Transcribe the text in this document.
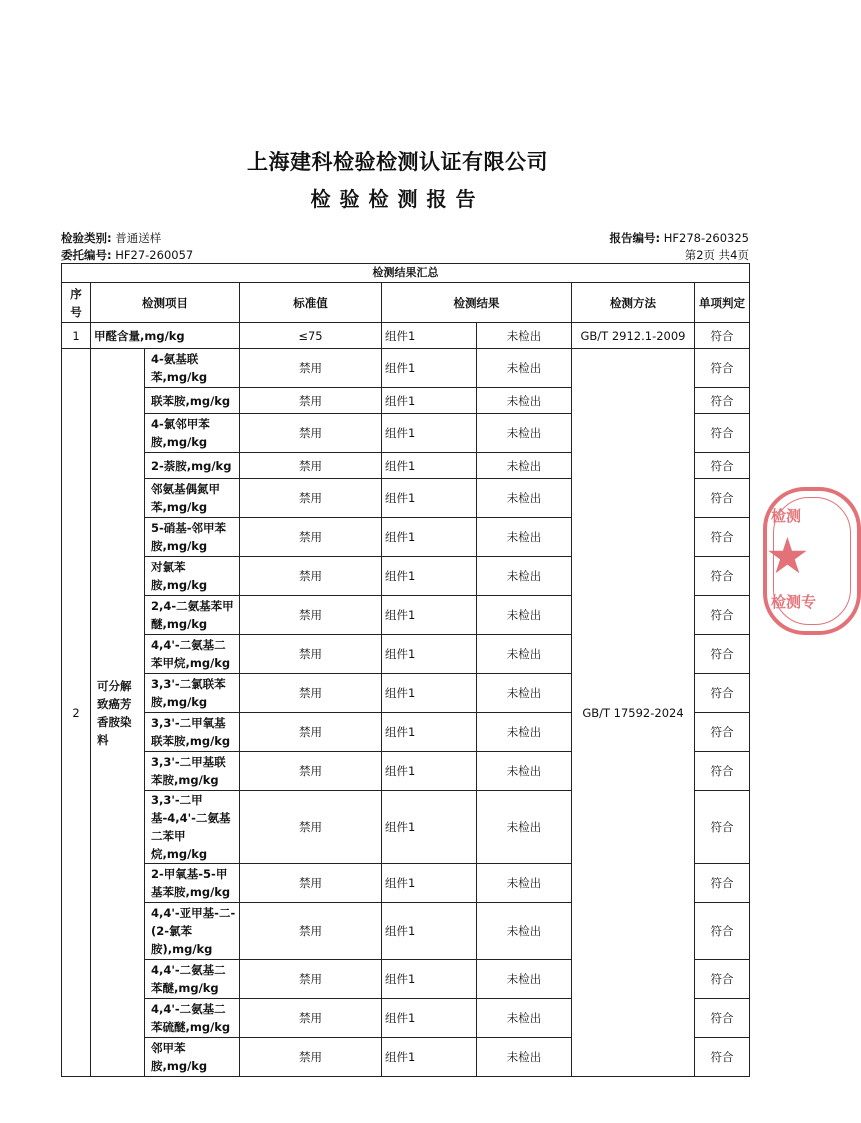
上海建科检验检测认证有限公司
检验检测报告
检验类别: 普通送样	报告编号: HF278-260325
委托编号: HF27-260057	第2页 共4页
检测结果汇总							
序号	检测项目		标准值	检测结果		检测方法	单项判定
1	甲醛含量,mg/kg		≤75	组件1	未检出	GB/T 2912.1-2009	符合
2	可分解致癌芳香胺染料	4-氨基联苯,mg/kg	禁用	组件1	未检出	GB/T 17592-2024	符合
		联苯胺,mg/kg	禁用	组件1	未检出		符合
		4-氯邻甲苯胺,mg/kg	禁用	组件1	未检出		符合
		2-萘胺,mg/kg	禁用	组件1	未检出		符合
		邻氨基偶氮甲苯,mg/kg	禁用	组件1	未检出		符合
		5-硝基-邻甲苯胺,mg/kg	禁用	组件1	未检出		符合
		对氯苯胺,mg/kg	禁用	组件1	未检出		符合
		2,4-二氨基苯甲醚,mg/kg	禁用	组件1	未检出		符合
		4,4'-二氨基二苯甲烷,mg/kg	禁用	组件1	未检出		符合
		3,3'-二氯联苯胺,mg/kg	禁用	组件1	未检出		符合
		3,3'-二甲氧基联苯胺,mg/kg	禁用	组件1	未检出		符合
		3,3'-二甲基联苯胺,mg/kg	禁用	组件1	未检出		符合
		3,3'-二甲基-4,4'-二氨基二苯甲烷,mg/kg	禁用	组件1	未检出		符合
		2-甲氧基-5-甲基苯胺,mg/kg	禁用	组件1	未检出		符合
		4,4'-亚甲基-二-(2-氯苯胺),mg/kg	禁用	组件1	未检出		符合
		4,4'-二氨基二苯醚,mg/kg	禁用	组件1	未检出		符合
		4,4'-二氨基二苯硫醚,mg/kg	禁用	组件1	未检出		符合
		邻甲苯胺,mg/kg	禁用	组件1	未检出		符合
检测
★
检测专
